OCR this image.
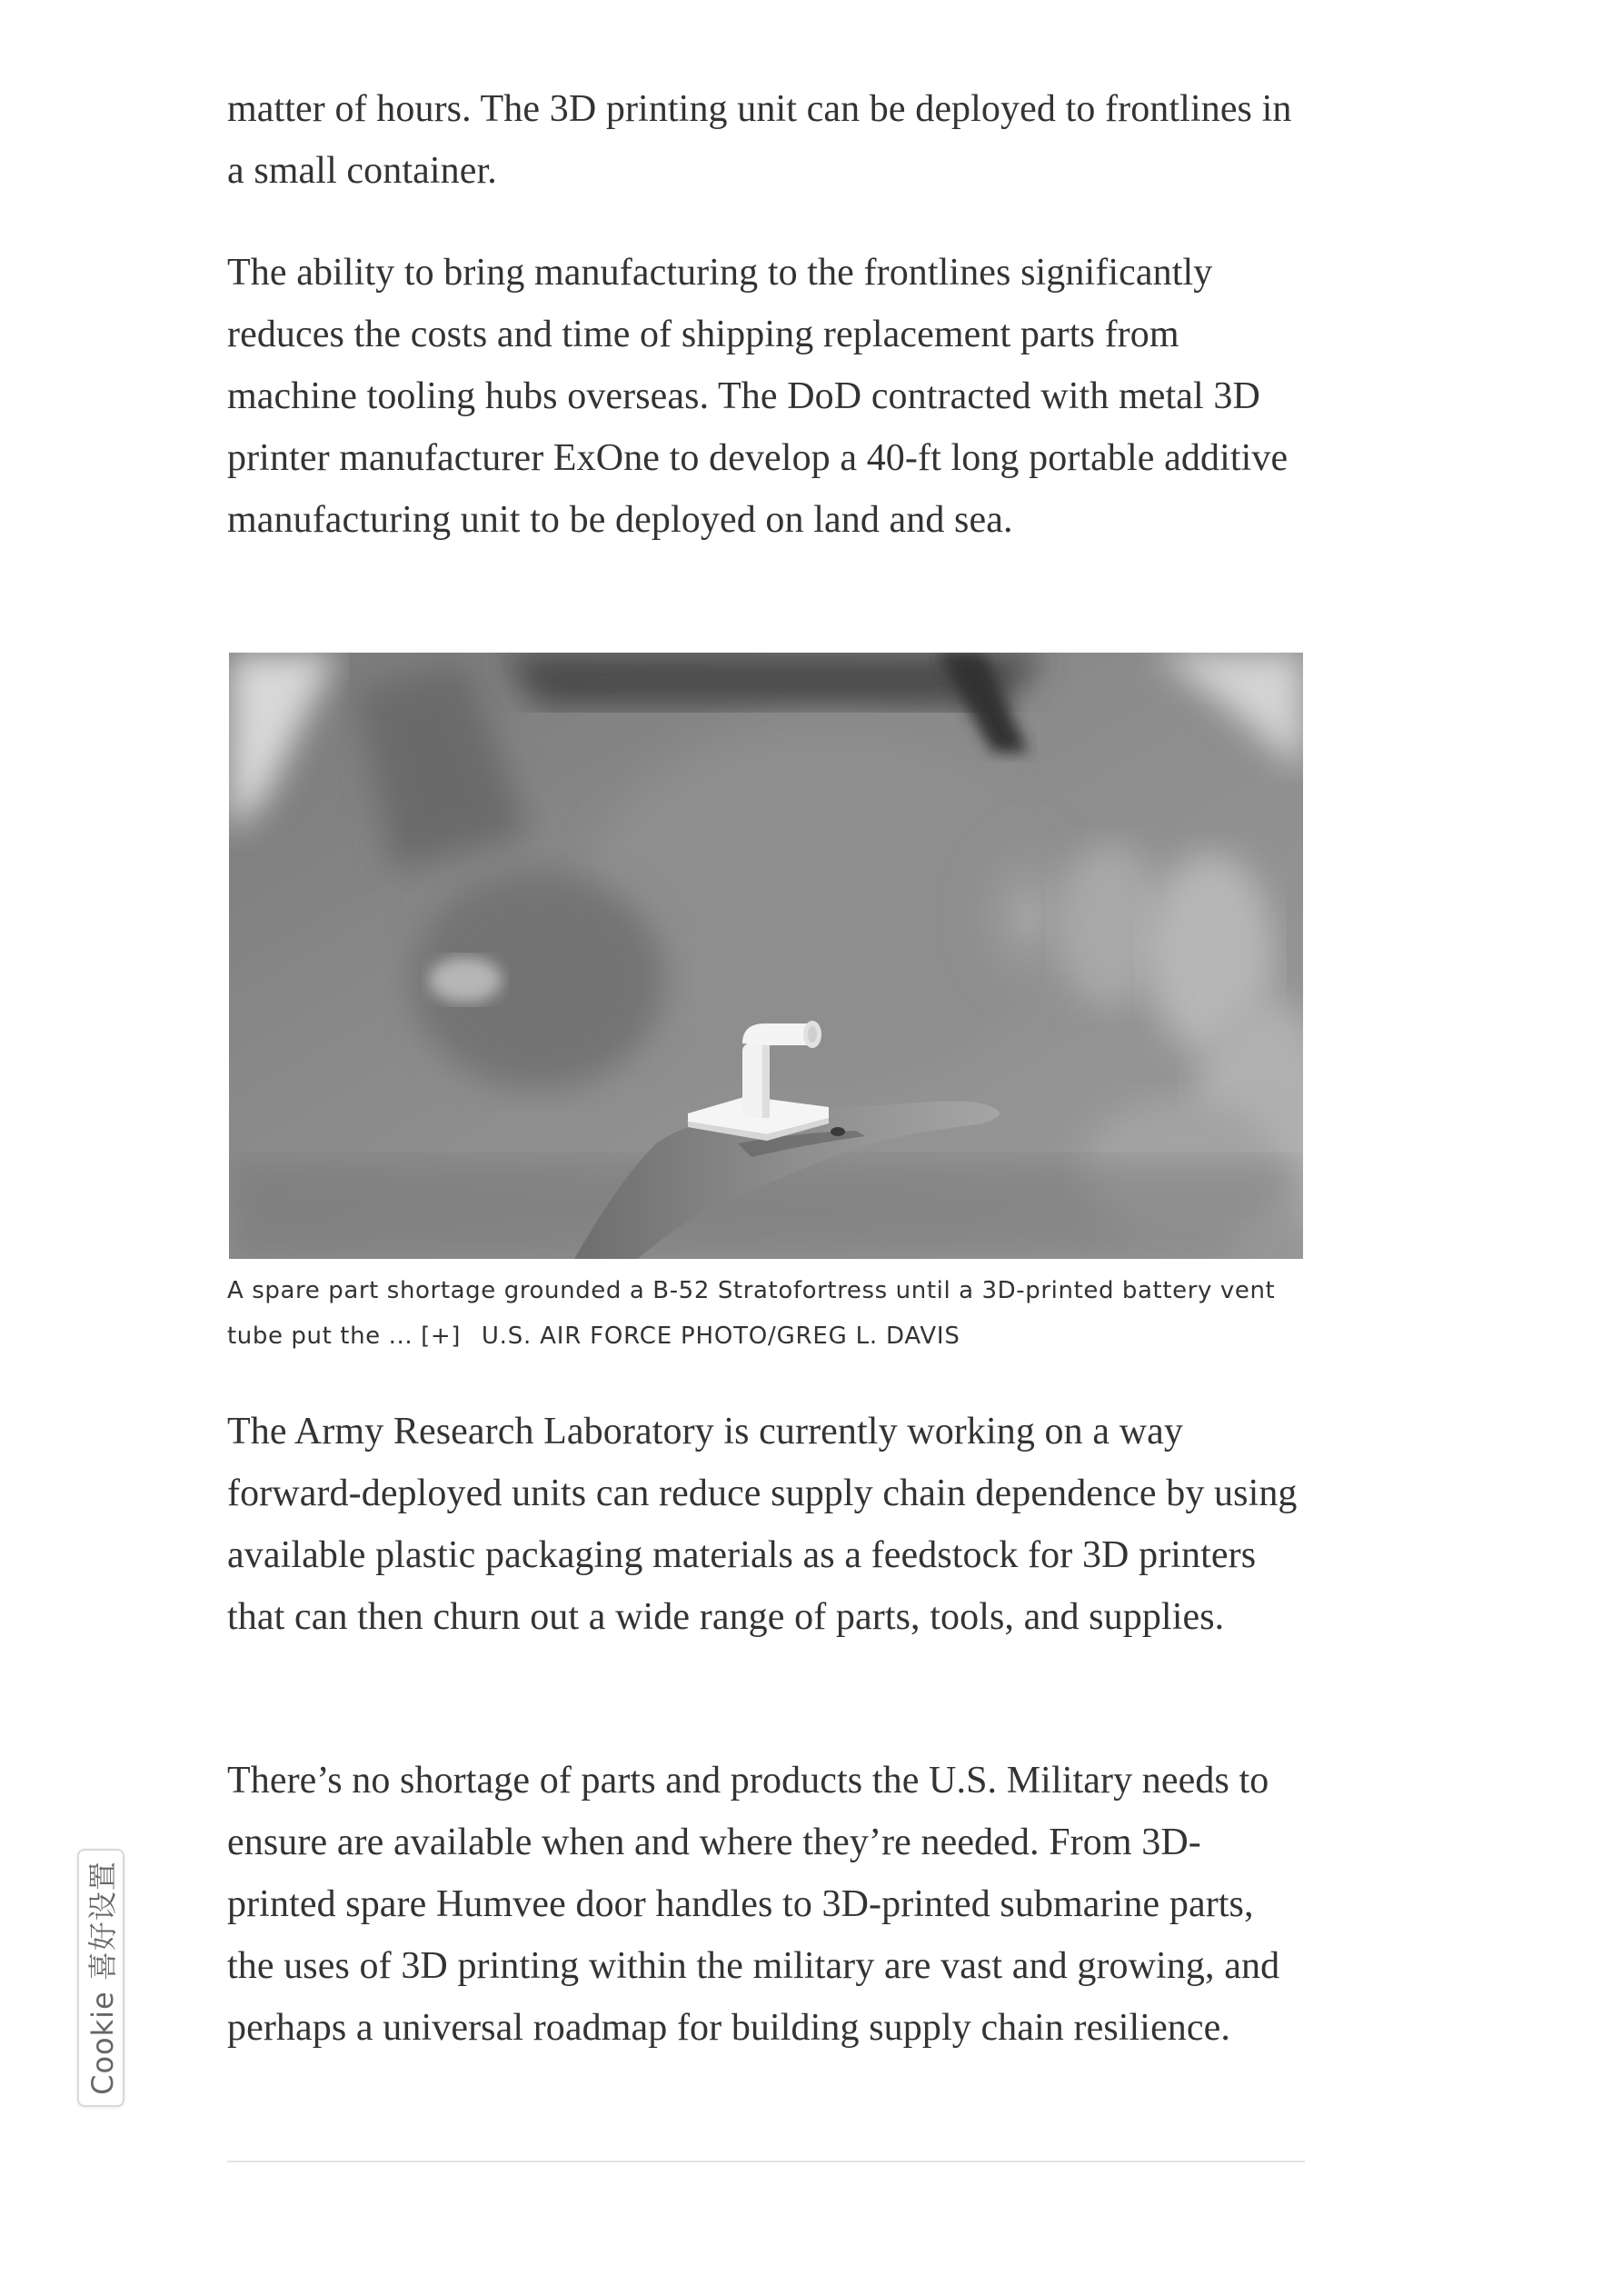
matter of hours. The 3D printing unit can be deployed to frontlines in a small container.

The ability to bring manufacturing to the frontlines significantly reduces the costs and time of shipping replacement parts from machine tooling hubs overseas. The DoD contracted with metal 3D printer manufacturer ExOne to develop a 40-ft long portable additive manufacturing unit to be deployed on land and sea.

A spare part shortage grounded a B-52 Stratofortress until a 3D-printed battery vent tube put the ... [+] U.S. AIR FORCE PHOTO/GREG L. DAVIS

The Army Research Laboratory is currently working on a way forward-deployed units can reduce supply chain dependence by using available plastic packaging materials as a feedstock for 3D printers that can then churn out a wide range of parts, tools, and supplies.

There’s no shortage of parts and products the U.S. Military needs to ensure are available when and where they’re needed. From 3D-printed spare Humvee door handles to 3D-printed submarine parts, the uses of 3D printing within the military are vast and growing, and perhaps a universal roadmap for building supply chain resilience.

Cookie 喜好设置
